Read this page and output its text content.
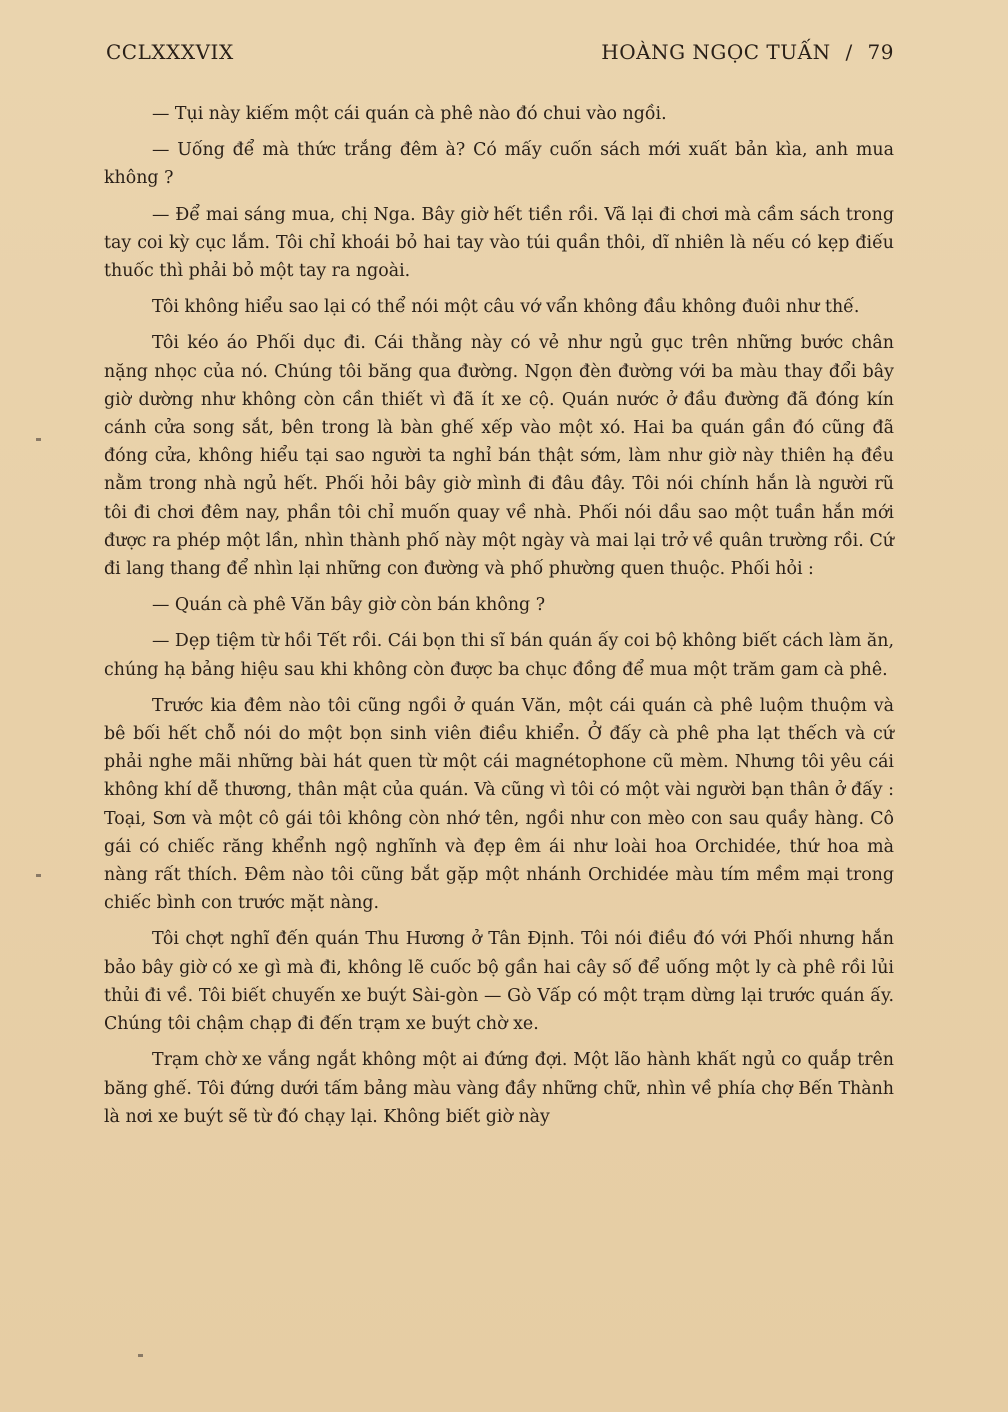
CCLXXXVIX	HOÀNG NGỌC TUẤN / 79

— Tụi này kiếm một cái quán cà phê nào đó chui vào ngồi.

— Uống để mà thức trắng đêm à? Có mấy cuốn sách mới xuất bản kìa, anh mua không ?

— Để mai sáng mua, chị Nga. Bây giờ hết tiền rồi. Vã lại đi chơi mà cầm sách trong tay coi kỳ cục lắm. Tôi chỉ khoái bỏ hai tay vào túi quần thôi, dĩ nhiên là nếu có kẹp điếu thuốc thì phải bỏ một tay ra ngoài.

Tôi không hiểu sao lại có thể nói một câu vớ vẩn không đầu không đuôi như thế.

Tôi kéo áo Phối dục đi. Cái thằng này có vẻ như ngủ gục trên những bước chân nặng nhọc của nó. Chúng tôi băng qua đường. Ngọn đèn đường với ba màu thay đổi bây giờ dường như không còn cần thiết vì đã ít xe cộ. Quán nước ở đầu đường đã đóng kín cánh cửa song sắt, bên trong là bàn ghế xếp vào một xó. Hai ba quán gần đó cũng đã đóng cửa, không hiểu tại sao người ta nghỉ bán thật sớm, làm như giờ này thiên hạ đều nằm trong nhà ngủ hết. Phối hỏi bây giờ mình đi đâu đây. Tôi nói chính hắn là người rũ tôi đi chơi đêm nay, phần tôi chỉ muốn quay về nhà. Phối nói dầu sao một tuần hắn mới được ra phép một lần, nhìn thành phố này một ngày và mai lại trở về quân trường rồi. Cứ đi lang thang để nhìn lại những con đường và phố phường quen thuộc. Phối hỏi :

— Quán cà phê Văn bây giờ còn bán không ?

— Dẹp tiệm từ hồi Tết rồi. Cái bọn thi sĩ bán quán ấy coi bộ không biết cách làm ăn, chúng hạ bảng hiệu sau khi không còn được ba chục đồng để mua một trăm gam cà phê.

Trước kia đêm nào tôi cũng ngồi ở quán Văn, một cái quán cà phê luộm thuộm và bê bối hết chỗ nói do một bọn sinh viên điều khiển. Ở đấy cà phê pha lạt thếch và cứ phải nghe mãi những bài hát quen từ một cái magnétophone cũ mèm. Nhưng tôi yêu cái không khí dễ thương, thân mật của quán. Và cũng vì tôi có một vài người bạn thân ở đấy : Toại, Sơn và một cô gái tôi không còn nhớ tên, ngồi như con mèo con sau quầy hàng. Cô gái có chiếc răng khểnh ngộ nghĩnh và đẹp êm ái như loài hoa Orchidée, thứ hoa mà nàng rất thích. Đêm nào tôi cũng bắt gặp một nhánh Orchidée màu tím mềm mại trong chiếc bình con trước mặt nàng.

Tôi chợt nghĩ đến quán Thu Hương ở Tân Định. Tôi nói điều đó với Phối nhưng hắn bảo bây giờ có xe gì mà đi, không lẽ cuốc bộ gần hai cây số để uống một ly cà phê rồi lủi thủi đi về. Tôi biết chuyến xe buýt Sài-gòn — Gò Vấp có một trạm dừng lại trước quán ấy. Chúng tôi chậm chạp đi đến trạm xe buýt chờ xe.

Trạm chờ xe vắng ngắt không một ai đứng đợi. Một lão hành khất ngủ co quắp trên băng ghế. Tôi đứng dưới tấm bảng màu vàng đầy những chữ, nhìn về phía chợ Bến Thành là nơi xe buýt sẽ từ đó chạy lại. Không biết giờ này
